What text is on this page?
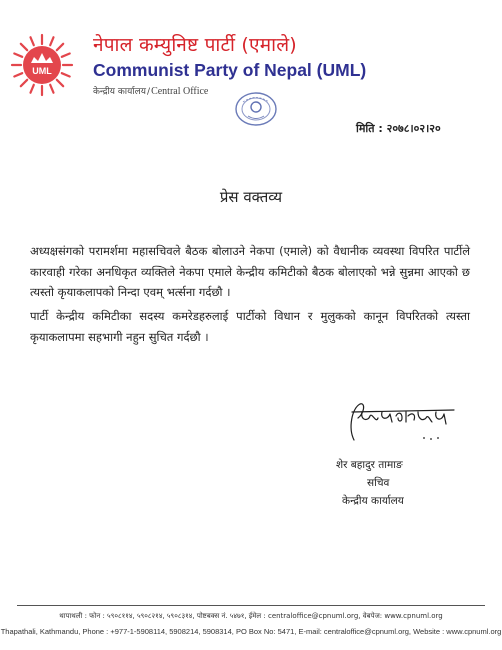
UML
नेपाल कम्युनिष्ट पार्टी (एमाले)
Communist Party of Nepal (UML)
केन्द्रीय कार्यालय/Central Office
मिति : २०७८।०२।२०
प्रेस वक्तव्य
अध्यक्षसंगको परामर्शमा महासचिवले बैठक बोलाउने नेकपा (एमाले) को वैधानीक व्यवस्था विपरित पार्टीले कारवाही गरेका अनधिकृत व्यक्तिले नेकपा एमाले केन्द्रीय कमिटीको बैठक बोलाएको भन्ने सुन्नमा आएको छ त्यस्तो कृयाकलापको निन्दा एवम् भर्त्सना गर्दछौ ।
पार्टी केन्द्रीय कमिटीका सदस्य कमरेडहरुलाई पार्टीको विधान र मुलुकको कानून विपरितको त्यस्ता कृयाकलापमा सहभागी नहुन सुचित गर्दछौ ।
शेर बहादुर तामाङ
सचिव
केन्द्रीय कार्यालय
थापाथली : फोन : ५९०८११४, ५९०८२१४, ५९०८३१४, पोष्टबक्स नं. ५४७१, ईमेल : centraloffice@cpnuml.org, वेबपेज: www.cpnuml.org
Thapathali, Kathmandu, Phone : +977-1-5908114, 5908214, 5908314, PO Box No: 5471, E-mail: centraloffice@cpnuml.org, Website : www.cpnuml.org
